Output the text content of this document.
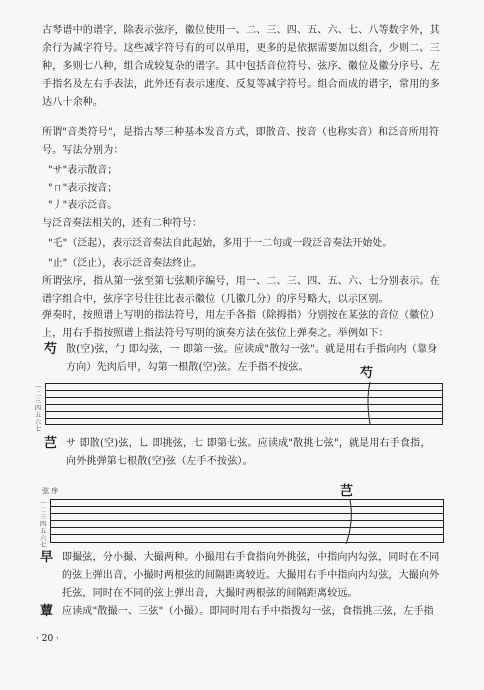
古琴谱中的谱字，除表示弦序，徽位使用一、二、三、四、五、六、七、八等数字外，其余行为减字符号。这些减字符号有的可以单用，更多的是依据需要加以组合，少则二、三种，多则七八种，组合成较复杂的谱字。其中包括音位符号、弦序、徽位及徽分序号、左手指名及左右手表法，此外还有表示速度、反复等减字符号。组合而成的谱字，常用的多达八十余种。
所谓"音类符号"，是指古琴三种基本发音方式，即散音、按音（也称实音）和泛音所用符号。写法分别为：
"サ"表示散音；
"ㄇ"表示按音；
"丿"表示泛音。
与泛音奏法相关的，还有二种符号：
"乇"（泛起），表示泛音奏法自此起始，多用于一二句或一段泛音奏法开始处。
"止"（泛止），表示泛音奏法终止。
所谓弦序，指从第一弦至第七弦顺序编号，用一、二、三、四、五、六、七分别表示。在谱字组合中，弦序字号往往比表示徽位（几徽几分）的序号略大，以示区别。
弹奏时，按照谱上写明的指法符号，用左手各指（除拇指）分别按在某弦的音位（徽位）上，用右手指按照谱上指法符号写明的演奏方法在弦位上弹奏之。举例如下：
芍 散(空)弦，勹 即勾弦，一 即第一弦。应读成"散勾一弦"。就是用右手指向内（靠身方向）先肉后甲，勾第一根散(空)弦。左手指不按弦。
一二三四五六七
芍
芑 サ 即散(空)弦，乚 即挑弦，七 即第七弦。应读成"散挑七弦"，就是用右手食指，向外挑弹第七根散(空)弦（左手不按弦）。
弦 序
一二三四五六七
芑
早 即撮弦，分小撮、大撮两种。小撮用右手食指向外挑弦，中指向内勾弦，同时在不同的弦上弹出音，小撮时两根弦的间隔距离较近。大撮用右手中指向内勾弦，大撮向外托弦，同时在不同的弦上弹出音，大撮时两根弦的间隔距离较远。
蕈 应读成"散撮一、三弦"（小撮）。即同时用右手中指拨勾一弦，食指挑三弦，左手指
· 20 ·
